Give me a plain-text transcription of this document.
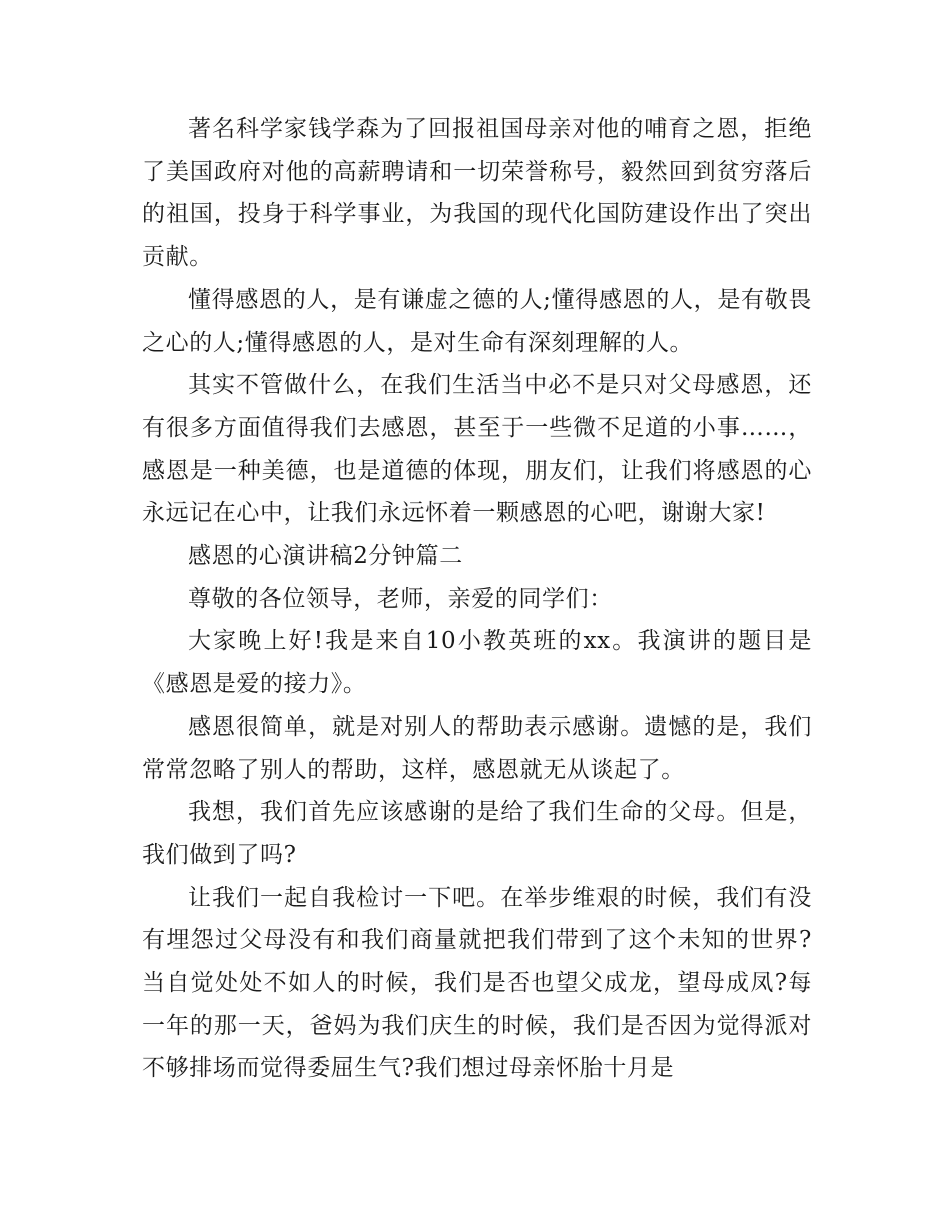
著名科学家钱学森为了回报祖国母亲对他的哺育之恩，拒绝了美国政府对他的高薪聘请和一切荣誉称号，毅然回到贫穷落后的祖国，投身于科学事业，为我国的现代化国防建设作出了突出贡献。

懂得感恩的人，是有谦虚之德的人;懂得感恩的人，是有敬畏之心的人;懂得感恩的人，是对生命有深刻理解的人。

其实不管做什么，在我们生活当中必不是只对父母感恩，还有很多方面值得我们去感恩，甚至于一些微不足道的小事……，感恩是一种美德，也是道德的体现，朋友们，让我们将感恩的心永远记在心中，让我们永远怀着一颗感恩的心吧，谢谢大家!

感恩的心演讲稿2分钟篇二

尊敬的各位领导，老师，亲爱的同学们：

大家晚上好!我是来自10小教英班的xx。我演讲的题目是《感恩是爱的接力》。

感恩很简单，就是对别人的帮助表示感谢。遗憾的是，我们常常忽略了别人的帮助，这样，感恩就无从谈起了。

我想，我们首先应该感谢的是给了我们生命的父母。但是，我们做到了吗?

让我们一起自我检讨一下吧。在举步维艰的时候，我们有没有埋怨过父母没有和我们商量就把我们带到了这个未知的世界?当自觉处处不如人的时候，我们是否也望父成龙，望母成凤?每一年的那一天，爸妈为我们庆生的时候，我们是否因为觉得派对不够排场而觉得委屈生气?我们想过母亲怀胎十月是
